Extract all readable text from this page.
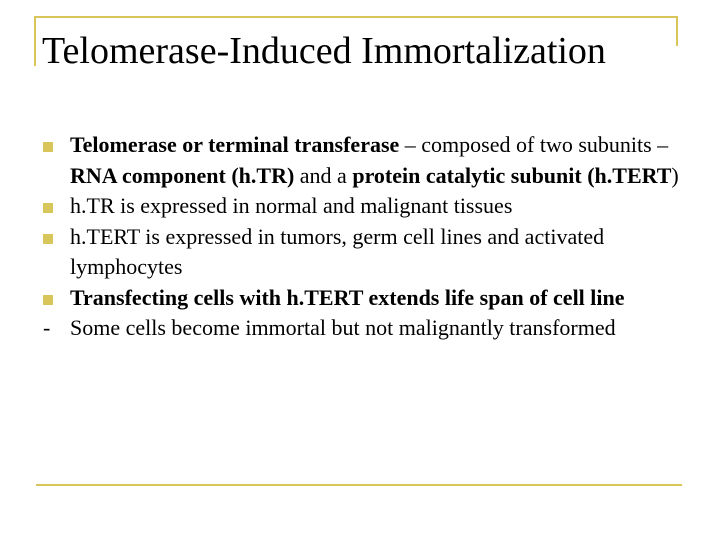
Telomerase-Induced Immortalization
Telomerase or terminal transferase – composed of two subunits – RNA component (h.TR) and a protein catalytic subunit (h.TERT)
h.TR is expressed in normal and malignant tissues
h.TERT is expressed in tumors, germ cell lines and activated lymphocytes
Transfecting cells with h.TERT extends life span of cell line
- Some cells become immortal but not malignantly transformed
